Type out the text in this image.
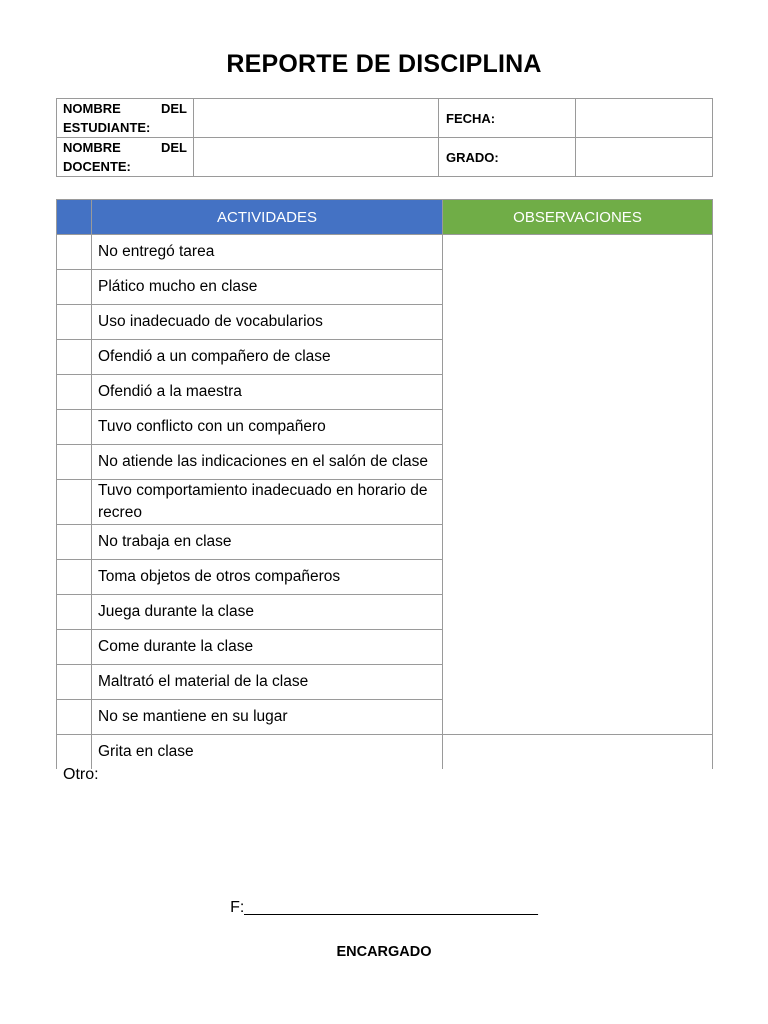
REPORTE DE DISCIPLINA
NOMBRE DEL
ESTUDIANTE:		FECHA:	

NOMBRE DEL
DOCENTE:		GRADO:	
	ACTIVIDADES	OBSERVACIONES
	No entregó tarea	
	Plático mucho en clase	
	Uso inadecuado de vocabularios	
	Ofendió a un compañero de clase	
	Ofendió a la maestra	
	Tuvo conflicto con un compañero	
	No atiende las indicaciones en el salón de clase	
	Tuvo comportamiento inadecuado en horario de recreo	
	No trabaja en clase	
	Toma objetos de otros compañeros	
	Juega durante la clase	
	Come durante la clase	
	Maltrató el material de la clase	
	No se mantiene en su lugar	
	Grita en clase	
Otro:
F:_________________________________
ENCARGADO
